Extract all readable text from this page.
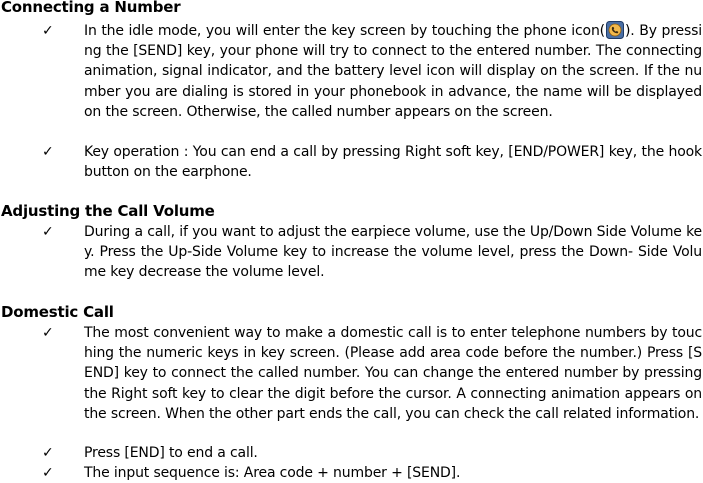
Connecting a Number
✓ In the idle mode, you will enter the key screen by touching the phone icon( ). By pressing the [SEND] key, your phone will try to connect to the entered number. The connecting animation, signal indicator, and the battery level icon will display on the screen. If the number you are dialing is stored in your phonebook in advance, the name will be displayed on the screen. Otherwise, the called number appears on the screen.
✓ Key operation : You can end a call by pressing Right soft key, [END/POWER] key, the hook button on the earphone.
Adjusting the Call Volume
✓ During a call, if you want to adjust the earpiece volume, use the Up/Down Side Volume key. Press the Up-Side Volume key to increase the volume level, press the Down- Side Volume key decrease the volume level.
Domestic Call
✓ The most convenient way to make a domestic call is to enter telephone numbers by touching the numeric keys in key screen. (Please add area code before the number.) Press [SEND] key to connect the called number. You can change the entered number by pressing the Right soft key to clear the digit before the cursor. A connecting animation appears on the screen. When the other part ends the call, you can check the call related information.
✓ Press [END] to end a call.
✓ The input sequence is: Area code + number + [SEND].
